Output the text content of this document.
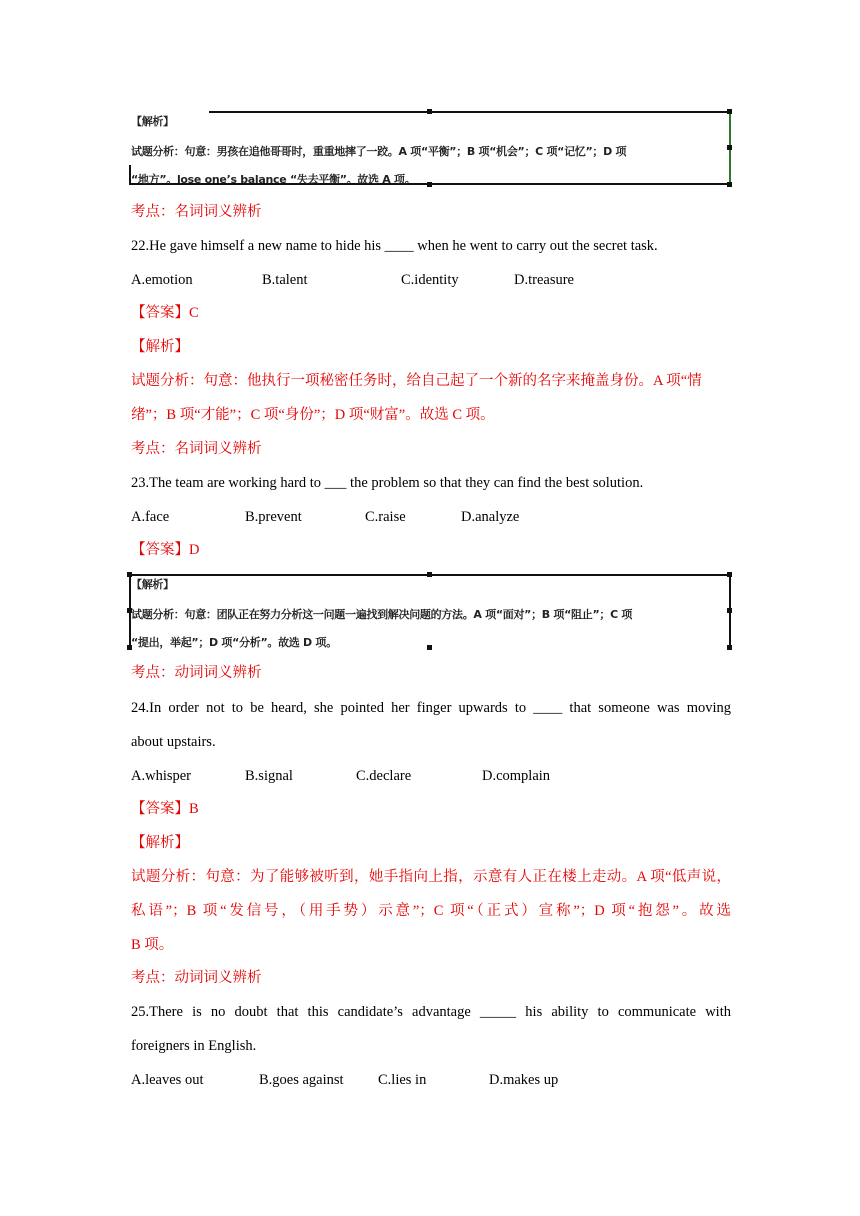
【解析】
试题分析：句意：男孩在追他哥哥时，重重地摔了一跤。A 项“平衡”；B 项“机会”；C 项“记忆”；D 项
“地方”。lose one’s balance “失去平衡”。故选 A 项。
考点：名词词义辨析
22.He gave himself a new name to hide his ____ when he went to carry out the secret task.
A.emotion	B.talent	C.identity	D.treasure
【答案】C
【解析】
试题分析：句意：他执行一项秘密任务时，给自己起了一个新的名字来掩盖身份。A 项“情
绪”；B 项“才能”；C 项“身份”；D 项“财富”。故选 C 项。
考点：名词词义辨析
23.The team are working hard to ___ the problem so that they can find the best solution.
A.face	B.prevent	C.raise	D.analyze
【答案】D
【解析】
试题分析：句意：团队正在努力分析这一问题一遍找到解决问题的方法。A 项“面对”；B 项“阻止”；C 项
“提出，举起”；D 项“分析”。故选 D 项。
考点：动词词义辨析
24.In order not to be heard, she pointed her finger upwards to ____ that someone was moving
about upstairs.
A.whisper	B.signal	C.declare	D.complain
【答案】B
【解析】
试题分析：句意：为了能够被听到，她手指向上指，示意有人正在楼上走动。A 项“低声说，
私语”；B 项“发信号，（用手势）示意”；C 项“（正式）宣称”；D 项“抱怨”。故选
B 项。
考点：动词词义辨析
25.There is no doubt that this candidate’s advantage _____ his ability to communicate with
foreigners in English.
A.leaves out	B.goes against C.lies in	D.makes up
